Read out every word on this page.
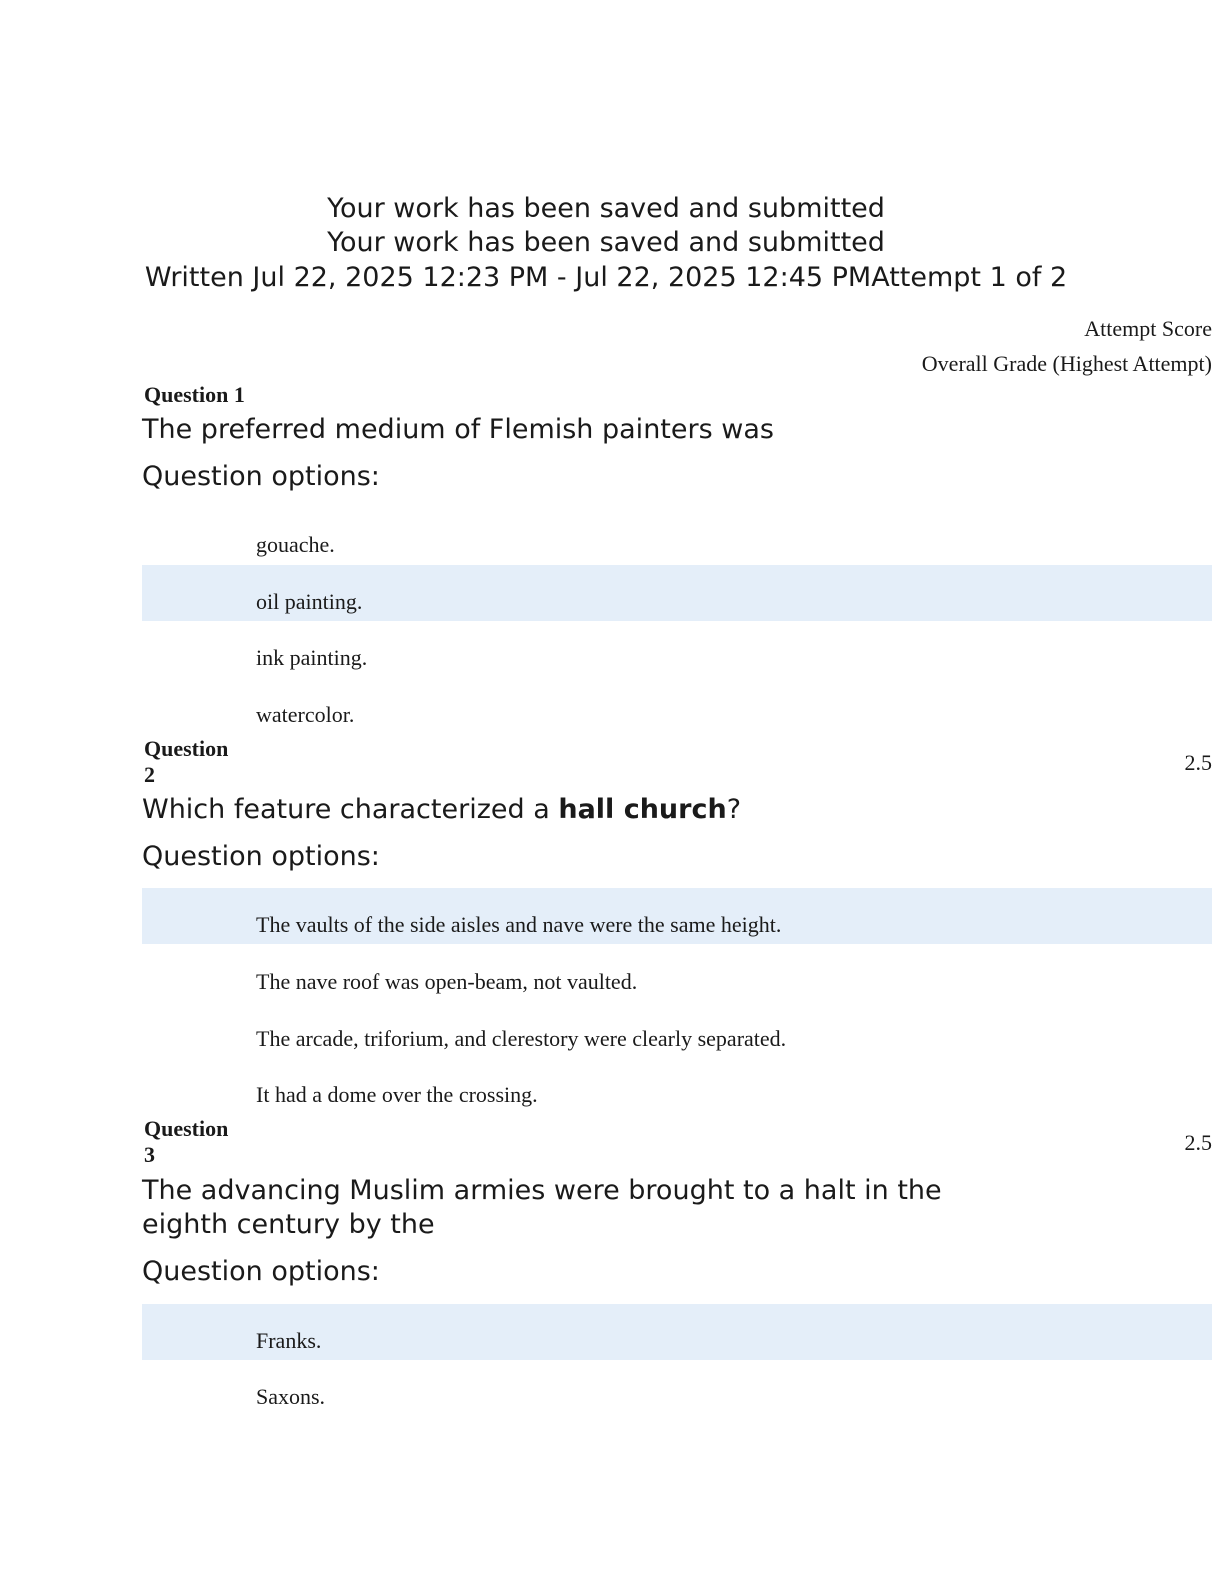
Your work has been saved and submitted
Your work has been saved and submitted
Written Jul 22, 2025 12:23 PM - Jul 22, 2025 12:45 PMAttempt 1 of 2
Attempt Score
Overall Grade (Highest Attempt)
Question 1
The preferred medium of Flemish painters was
Question options:
gouache.
oil painting.
ink painting.
watercolor.
Question 2	2.5
Which feature characterized a hall church?
Question options:
The vaults of the side aisles and nave were the same height.
The nave roof was open-beam, not vaulted.
The arcade, triforium, and clerestory were clearly separated.
It had a dome over the crossing.
Question 3	2.5
The advancing Muslim armies were brought to a halt in the eighth century by the
Question options:
Franks.
Saxons.
